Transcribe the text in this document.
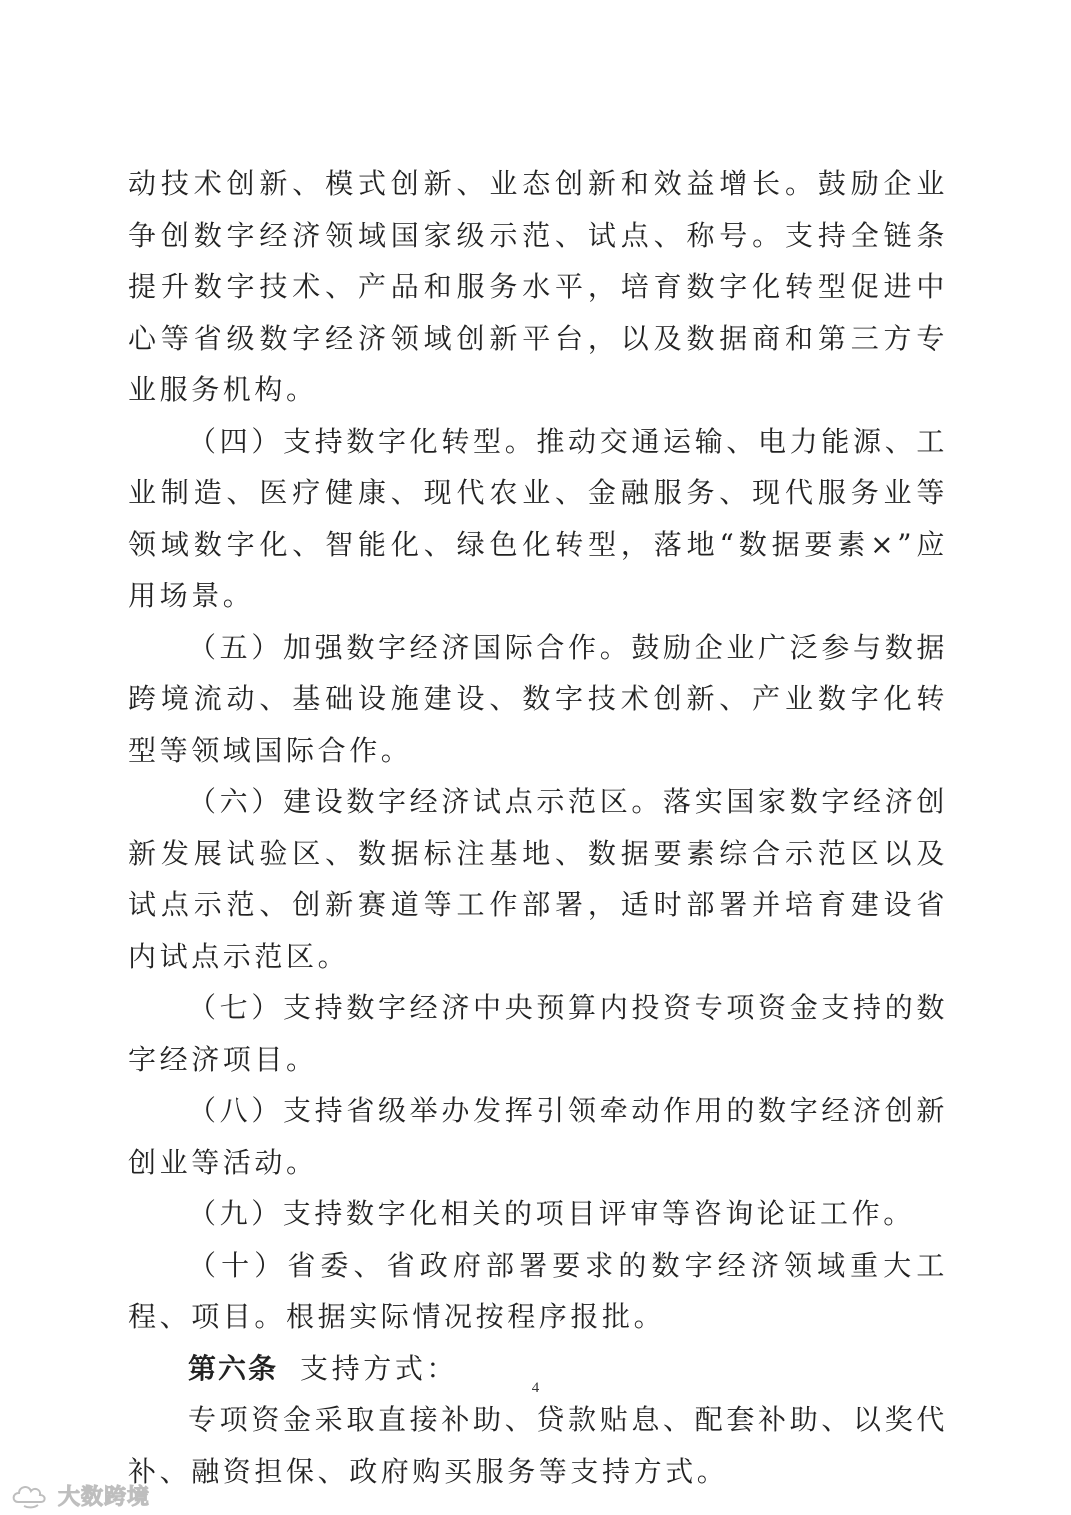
动技术创新、模式创新、业态创新和效益增长。鼓励企业争创数字经济领域国家级示范、试点、称号。支持全链条提升数字技术、产品和服务水平，培育数字化转型促进中心等省级数字经济领域创新平台，以及数据商和第三方专业服务机构。

（四）支持数字化转型。推动交通运输、电力能源、工业制造、医疗健康、现代农业、金融服务、现代服务业等领域数字化、智能化、绿色化转型，落地“数据要素×”应用场景。

（五）加强数字经济国际合作。鼓励企业广泛参与数据跨境流动、基础设施建设、数字技术创新、产业数字化转型等领域国际合作。

（六）建设数字经济试点示范区。落实国家数字经济创新发展试验区、数据标注基地、数据要素综合示范区以及试点示范、创新赛道等工作部署，适时部署并培育建设省内试点示范区。

（七）支持数字经济中央预算内投资专项资金支持的数字经济项目。

（八）支持省级举办发挥引领牵动作用的数字经济创新创业等活动。

（九）支持数字化相关的项目评审等咨询论证工作。

（十）省委、省政府部署要求的数字经济领域重大工程、项目。根据实际情况按程序报批。

第六条 支持方式：

专项资金采取直接补助、贷款贴息、配套补助、以奖代补、融资担保、政府购买服务等支持方式。

4
大数跨境
